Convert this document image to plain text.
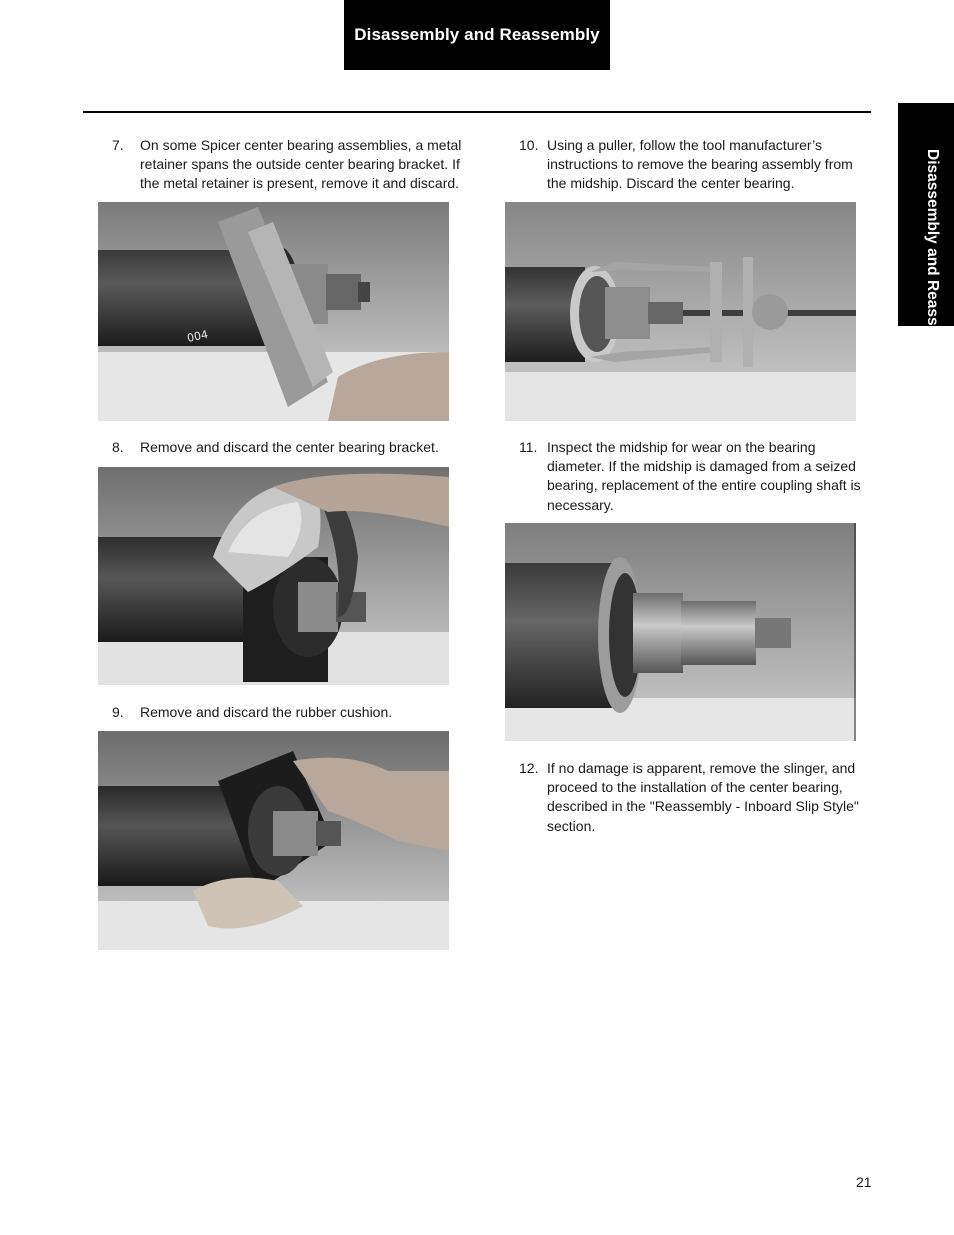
Disassembly and Reassembly
Disassembly and Reassembly
7. On some Spicer center bearing assemblies, a metal retainer spans the outside center bearing bracket. If the metal retainer is present, remove it and discard.
004
8. Remove and discard the center bearing bracket.
9. Remove and discard the rubber cushion.
10. Using a puller, follow the tool manufacturer’s instructions to remove the bearing assembly from the midship. Discard the center bearing.
11. Inspect the midship for wear on the bearing diameter. If the midship is damaged from a seized bearing, replacement of the entire coupling shaft is necessary.
12. If no damage is apparent, remove the slinger, and proceed to the installation of the center bearing, described in the "Reassembly - Inboard Slip Style" section.
21
